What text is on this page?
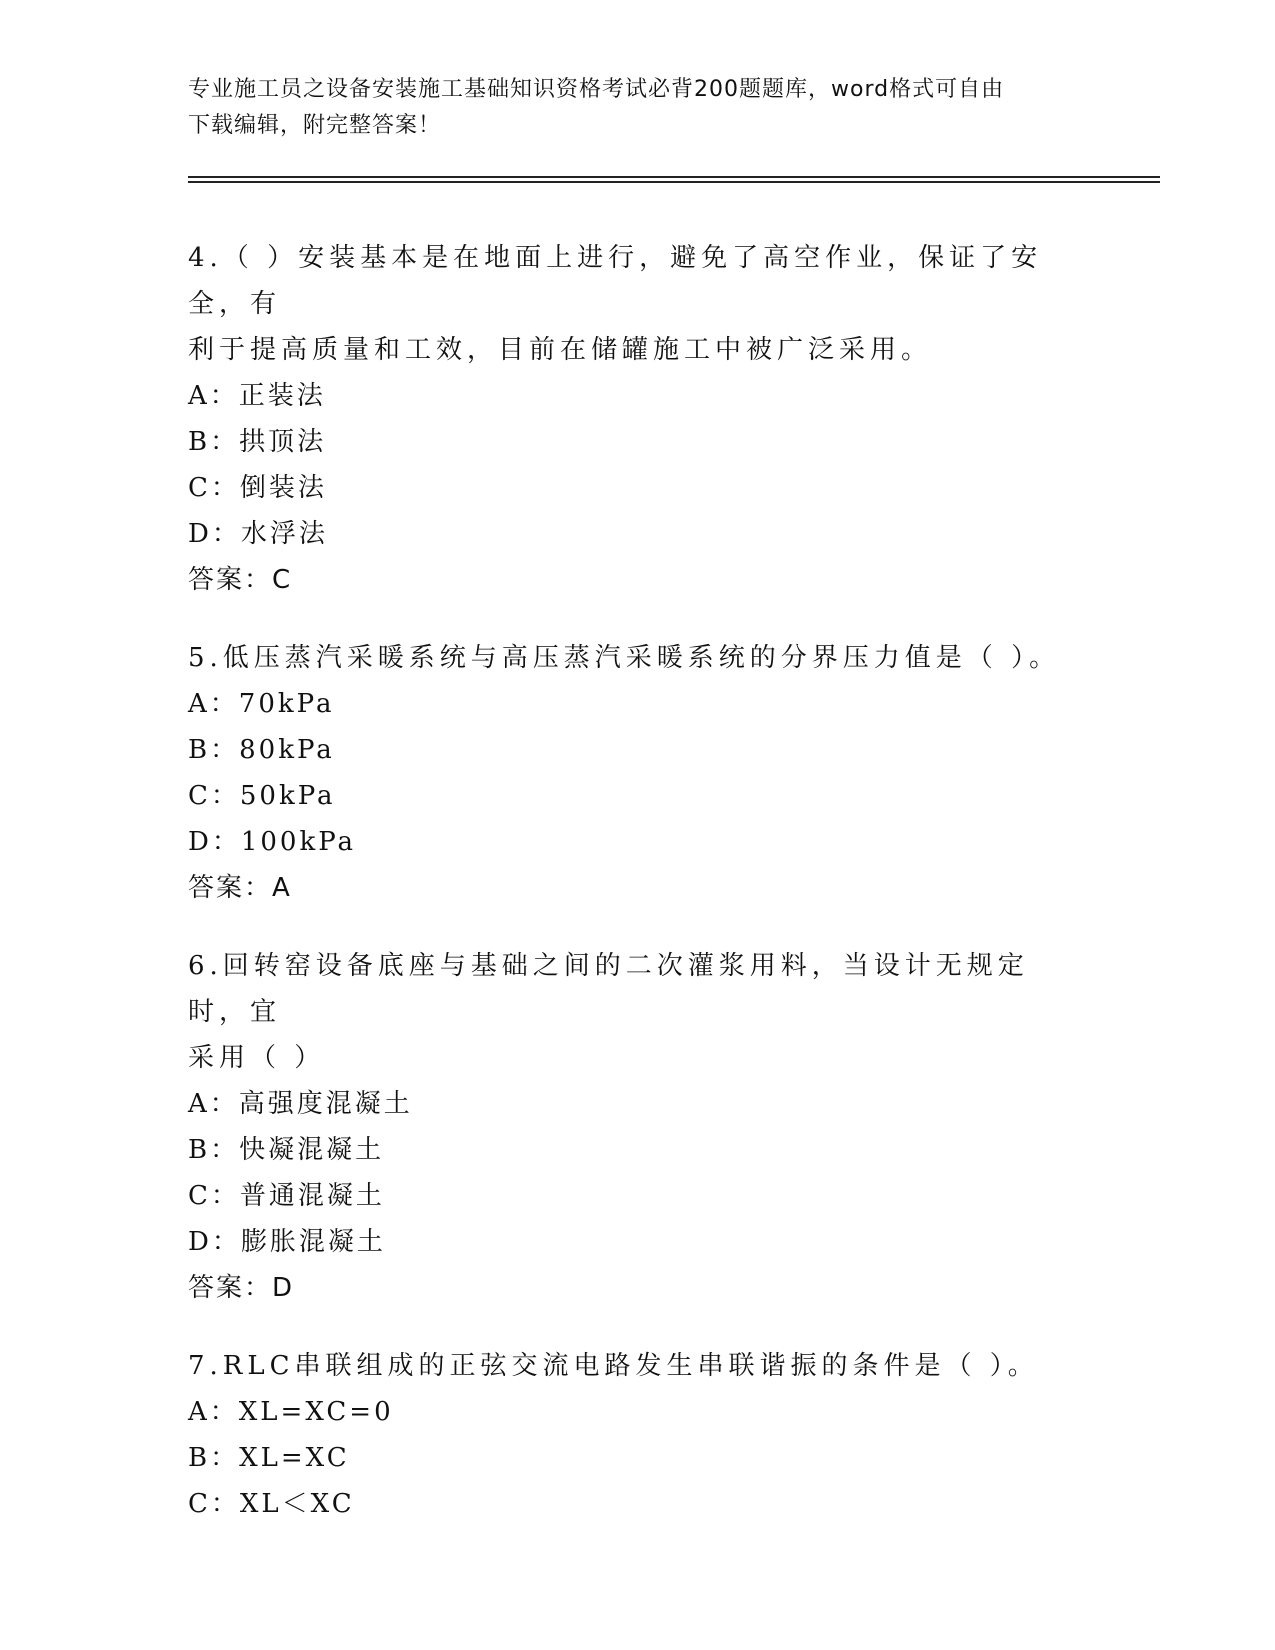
专业施工员之设备安装施工基础知识资格考试必背200题题库，word格式可自由
下载编辑，附完整答案！

4.（ ）安装基本是在地面上进行，避免了高空作业，保证了安全，有

利于提高质量和工效，目前在储罐施工中被广泛采用。

A：正装法

B：拱顶法

C：倒装法

D：水浮法

答案：C

5.低压蒸汽采暖系统与高压蒸汽采暖系统的分界压力值是（ ）。

A：70kPa

B：80kPa

C：50kPa

D：100kPa

答案：A

6.回转窑设备底座与基础之间的二次灌浆用料，当设计无规定时，宜

采用（ ）

A：高强度混凝土

B：快凝混凝土

C：普通混凝土

D：膨胀混凝土

答案：D

7.RLC串联组成的正弦交流电路发生串联谐振的条件是（ ）。

A：XL=XC=0

B：XL=XC

C：XL＜XC
